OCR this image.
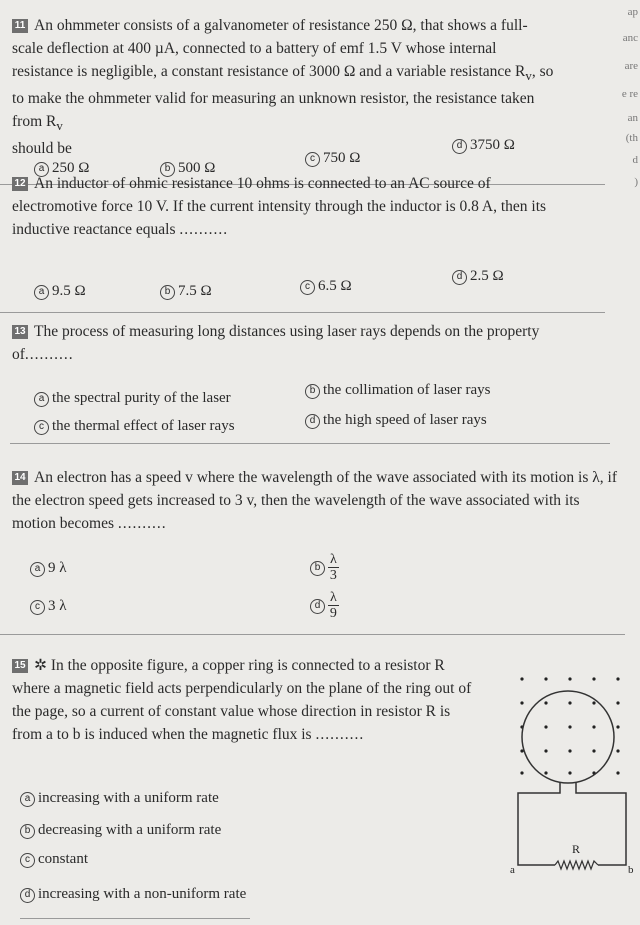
11 An ohmmeter consists of a galvanometer of resistance 250 Ω, that shows a full-scale deflection at 400 µA, connected to a battery of emf 1.5 V whose internal resistance is negligible, a constant resistance of 3000 Ω and a variable resistance $R_v$, so to make the ohmmeter valid for measuring an unknown resistor, the resistance taken from $R_v$
should be

a 250 Ω	b 500 Ω
c 750 Ω
d 3750 Ω

12 An inductor of ohmic resistance 10 ohms is connected to an AC source of electromotive force 10 V. If the current intensity through the inductor is 0.8 A, then its inductive reactance equals ..........

a 9.5 Ω	b 7.5 Ω	c 6.5 Ω
d 2.5 Ω

13 The process of measuring long distances using laser rays depends on the property of..........

a the spectral purity of the laser	b the collimation of laser rays
c the thermal effect of laser rays	d the high speed of laser rays

14 An electron has a speed v where the wavelength of the wave associated with its motion is λ, if the electron speed gets increased to 3 v, then the wavelength of the wave associated with its motion becomes ..........

a 9 λ	b $\frac{\lambda}{3}$
c 3 λ	d $\frac{\lambda}{9}$

15 ✲ In the opposite figure, a copper ring is connected to a resistor R where a magnetic field acts perpendicularly on the plane of the ring out of the page, so a current of constant value whose direction in resistor R is from a to b is induced when the magnetic flux is ..........

a increasing with a uniform rate
b decreasing with a uniform rate
c constant
d increasing with a non-uniform rate
R
a	b
ap
anc
are
e re
an
(th
d
)
